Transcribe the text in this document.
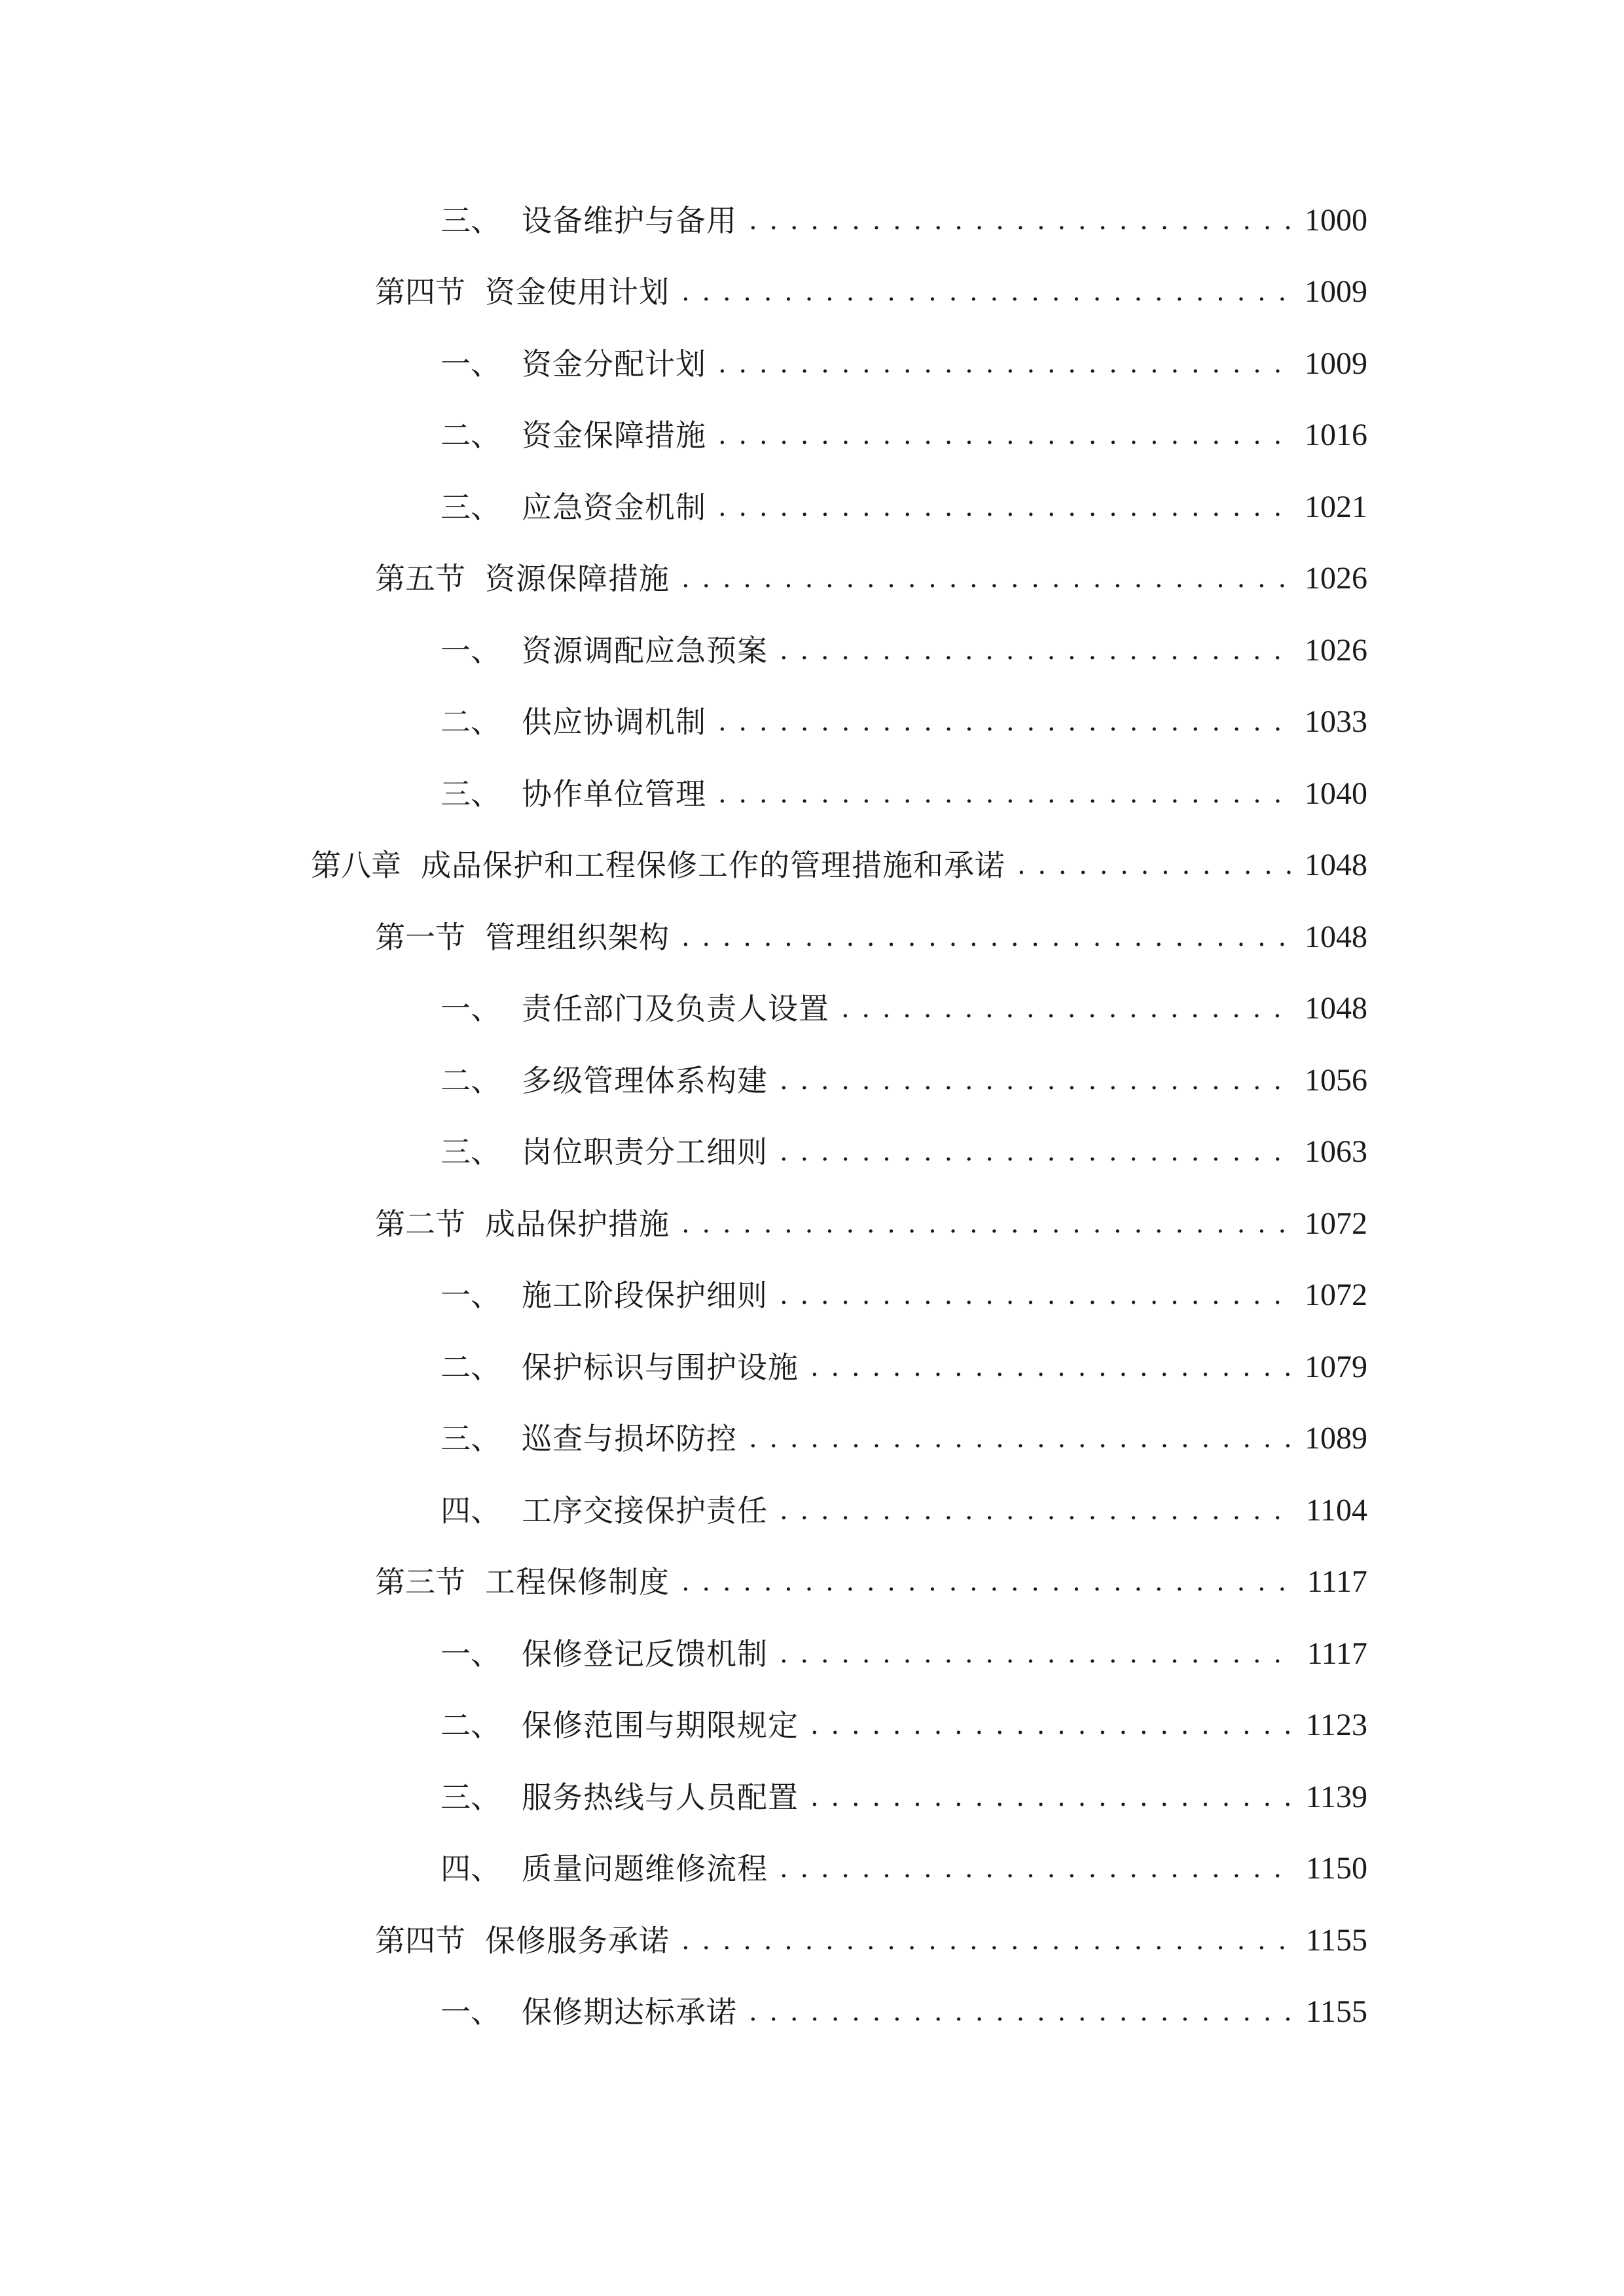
三、 设备维护与备用 . . .	1000
第四节 资金使用计划 . . .	1009
一、 资金分配计划 . . .	1009
二、 资金保障措施 . . .	1016
三、 应急资金机制 . . .	1021
第五节 资源保障措施 . . .	1026
一、 资源调配应急预案 . . .	1026
二、 供应协调机制 . . .	1033
三、 协作单位管理 . . .	1040
第八章 成品保护和工程保修工作的管理措施和承诺 . . .	1048
第一节 管理组织架构 . . .	1048
一、 责任部门及负责人设置 . . .	1048
二、 多级管理体系构建 . . .	1056
三、 岗位职责分工细则 . . .	1063
第二节 成品保护措施 . . .	1072
一、 施工阶段保护细则 . . .	1072
二、 保护标识与围护设施 . . .	1079
三、 巡查与损坏防控 . . .	1089
四、 工序交接保护责任 . . .	1104
第三节 工程保修制度 . . .	1117
一、 保修登记反馈机制 . . .	1117
二、 保修范围与期限规定 . . .	1123
三、 服务热线与人员配置 . . .	1139
四、 质量问题维修流程 . . .	1150
第四节 保修服务承诺 . . .	1155
一、 保修期达标承诺 . . .	1155
